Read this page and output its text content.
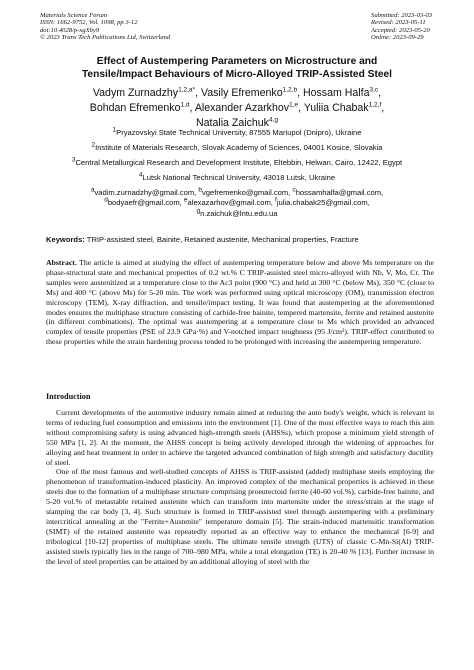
Materials Science Forum
ISSN: 1662-9752, Vol. 1098, pp 3-12
doi:10.4028/p-xgXby9
© 2023 Trans Tech Publications Ltd, Switzerland
Submitted: 2023-03-03
Revised: 2023-05-11
Accepted: 2023-05-20
Online: 2023-09-29
Effect of Austempering Parameters on Microstructure and
Tensile/Impact Behaviours of Micro-Alloyed TRIP-Assisted Steel
Vadym Zurnadzhy$^{1,2,a*}$, Vasily Efremenko$^{1,2,b}$, Hossam Halfa$^{3,c}$,
Bohdan Efremenko$^{1,d}$, Alexander Azarkhov$^{1,e}$, Yuliia Chabak$^{1,2,f}$,
Natalia Zaichuk$^{4,g}$
$^1$Pryazovskyi State Technical University, 87555 Mariupol (Dnipro), Ukraine
$^2$Institute of Materials Research, Slovak Academy of Sciences, 04001 Kosice, Slovakia
$^3$Central Metallurgical Research and Development Institute, Eltebbin, Helwan, Cairo, 12422, Egypt
$^4$Lutsk National Technical University, 43018 Lutsk, Ukraine
$^a$vadim.zurnadzhy@gmail.com, $^b$vgefremenko@gmail.com, $^c$hossamhalfa@gmail.com,
$^d$bodyaefr@gmail.com, $^e$alexazarhov@gmail.com, $^f$julia.chabak25@gmail.com,
$^g$n.zaichuk@lntu.edu.ua
Keywords: TRIP-assisted steel, Bainite, Retained austenite, Mechanical properties, Fracture
Abstract. The article is aimed at studying the effect of austempering temperature below and above Ms temperature on the phase-structural state and mechanical properties of 0.2 wt.% C TRIP-assisted steel micro-alloyed with Nb, V, Mo, Cr. The samples were austenitized at a temperature close to the Ac3 point (900 °C) and held at 300 °C (below Ms), 350 °C (close to Ms) and 400 °C (above Ms) for 5-20 min. The work was performed using optical microscopy (OM), transmission electron microscopy (TEM), X-ray diffraction, and tensile/impact testing. It was found that austempering at the aforementioned modes ensures the multiphase structure consisting of carbide-free bainite, tempered martensite, ferrite and retained austenite (in different combinations). The optimal was austempering at a temperature close to Ms which provided an advanced complex of tensile properties (PSE of 23.9 GPa·%) and V-notched impact toughness (95 J/cm²). TRIP-effect contributed to these properties while the strain hardening process tended to be prolonged with increasing the austempering temperature.
Introduction

Current developments of the automotive industry remain aimed at reducing the auto body's weight, which is relevant in terms of reducing fuel consumption and emissions into the environment [1]. One of the most effective ways to reach this aim without compromising safety is using advanced high-strength steels (AHSSs), which propose a minimum yield strength of 550 MPa [1, 2]. At the moment, the AHSS concept is being actively developed through the widening of approaches for alloying and heat treatment in order to achieve the targeted advanced combination of high strength and satisfactory ductility of steel.

One of the most famous and well-studied concepts of AHSS is TRIP-assisted (added) multiphase steels employing the phenomenon of transformation-induced plasticity. An improved complex of the mechanical properties is achieved in these steels due to the formation of a multiphase structure comprising proeutectoid ferrite (40-60 vol.%), carbide-free bainite, and 5-20 vol.% of metastable retained austenite which can transform into martensite under the stress/strain at the stage of stamping the car body [3, 4]. Such structure is formed in TRIP-assisted steel through austempering with a preliminary intercritical annealing at the "Ferrite+Austenite" temperature domain [5]. The strain-induced martensitic transformation (SIMT) of the retained austenite was repeatedly reported as an effective way to enhance the mechanical [6-9] and tribological [10-12] properties of multiphase steels. The ultimate tensile strength (UTS) of classic C-Mn-Si(Al) TRIP-assisted steels typically lies in the range of 700–980 MPa, while a total elongation (TE) is 20-40 % [13]. Further increase in the level of steel properties can be attained by an additional alloying of steel with the
